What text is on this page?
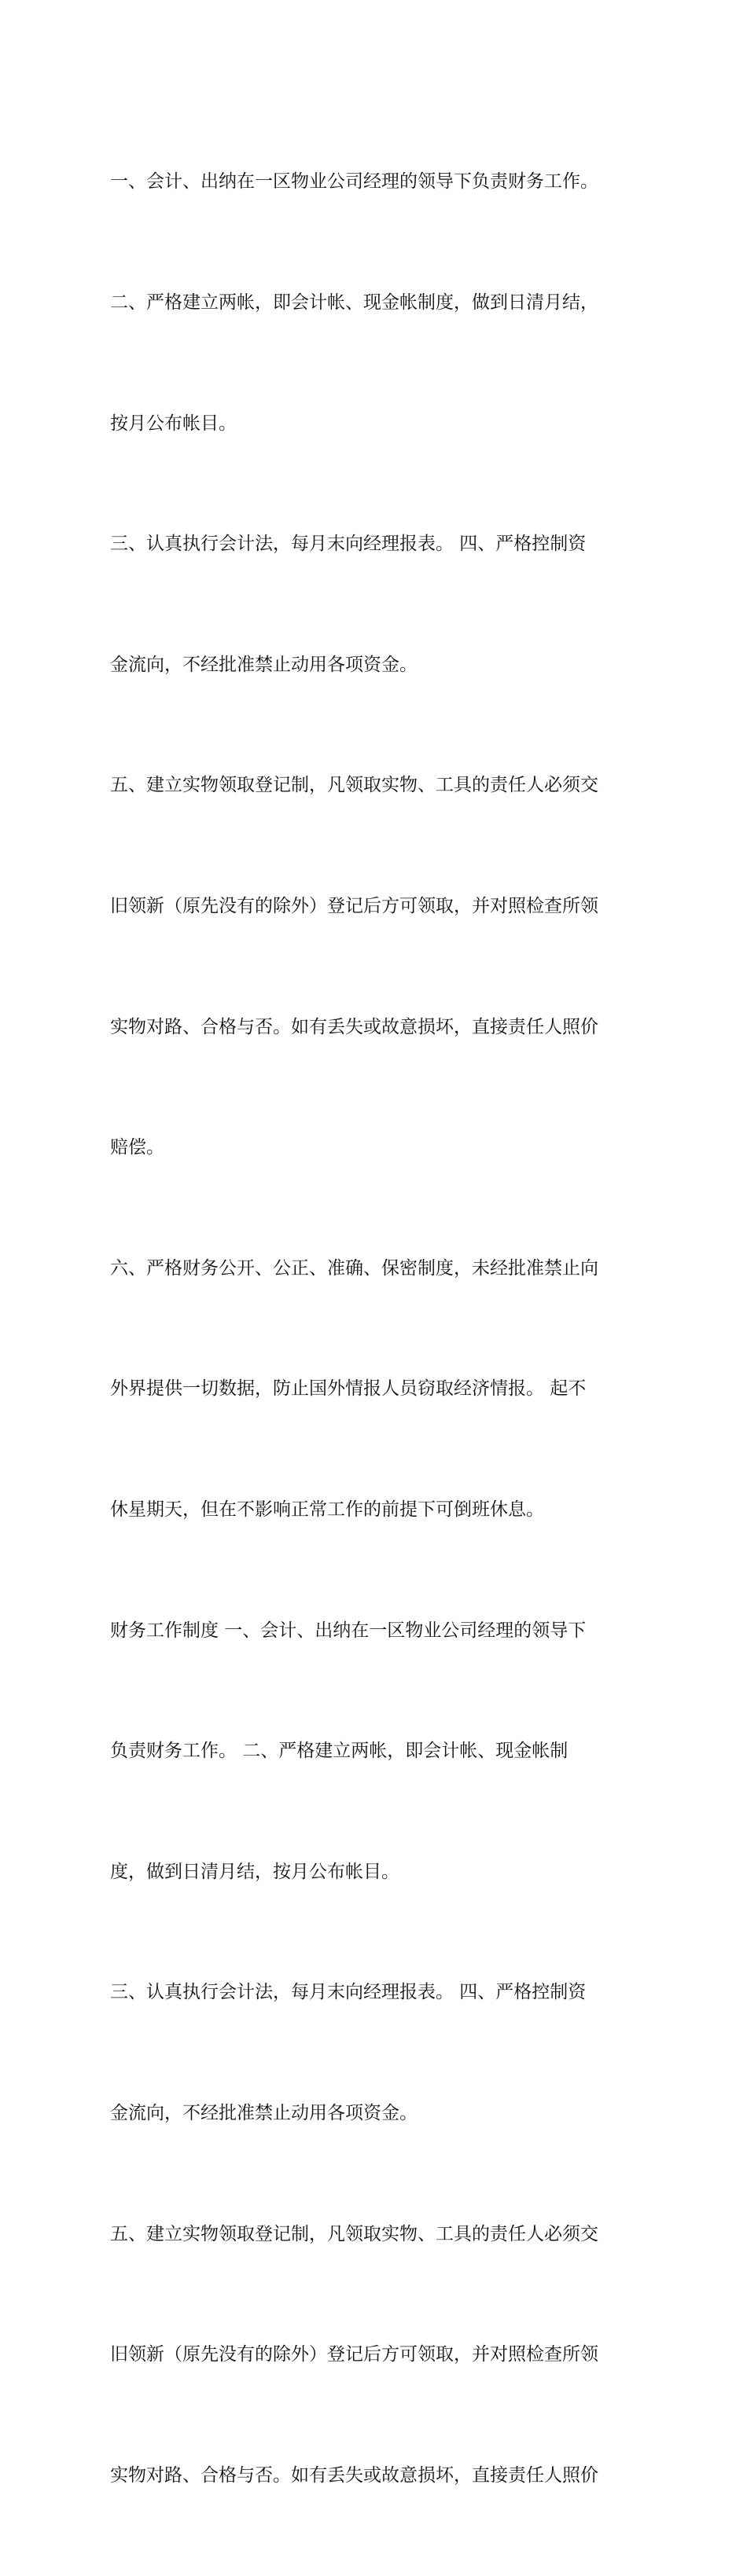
一、会计、出纳在一区物业公司经理的领导下负责财务工作。

二、严格建立两帐，即会计帐、现金帐制度，做到日清月结，

按月公布帐目。

三、认真执行会计法，每月末向经理报表。 四、严格控制资

金流向，不经批准禁止动用各项资金。

五、建立实物领取登记制，凡领取实物、工具的责任人必须交

旧领新（原先没有的除外）登记后方可领取，并对照检查所领

实物对路、合格与否。如有丢失或故意损坏，直接责任人照价

赔偿。

六、严格财务公开、公正、准确、保密制度，未经批准禁止向

外界提供一切数据，防止国外情报人员窃取经济情报。 起不

休星期天，但在不影响正常工作的前提下可倒班休息。

财务工作制度 一、会计、出纳在一区物业公司经理的领导下

负责财务工作。 二、严格建立两帐，即会计帐、现金帐制

度，做到日清月结，按月公布帐目。

三、认真执行会计法，每月末向经理报表。 四、严格控制资

金流向，不经批准禁止动用各项资金。

五、建立实物领取登记制，凡领取实物、工具的责任人必须交

旧领新（原先没有的除外）登记后方可领取，并对照检查所领

实物对路、合格与否。如有丢失或故意损坏，直接责任人照价
